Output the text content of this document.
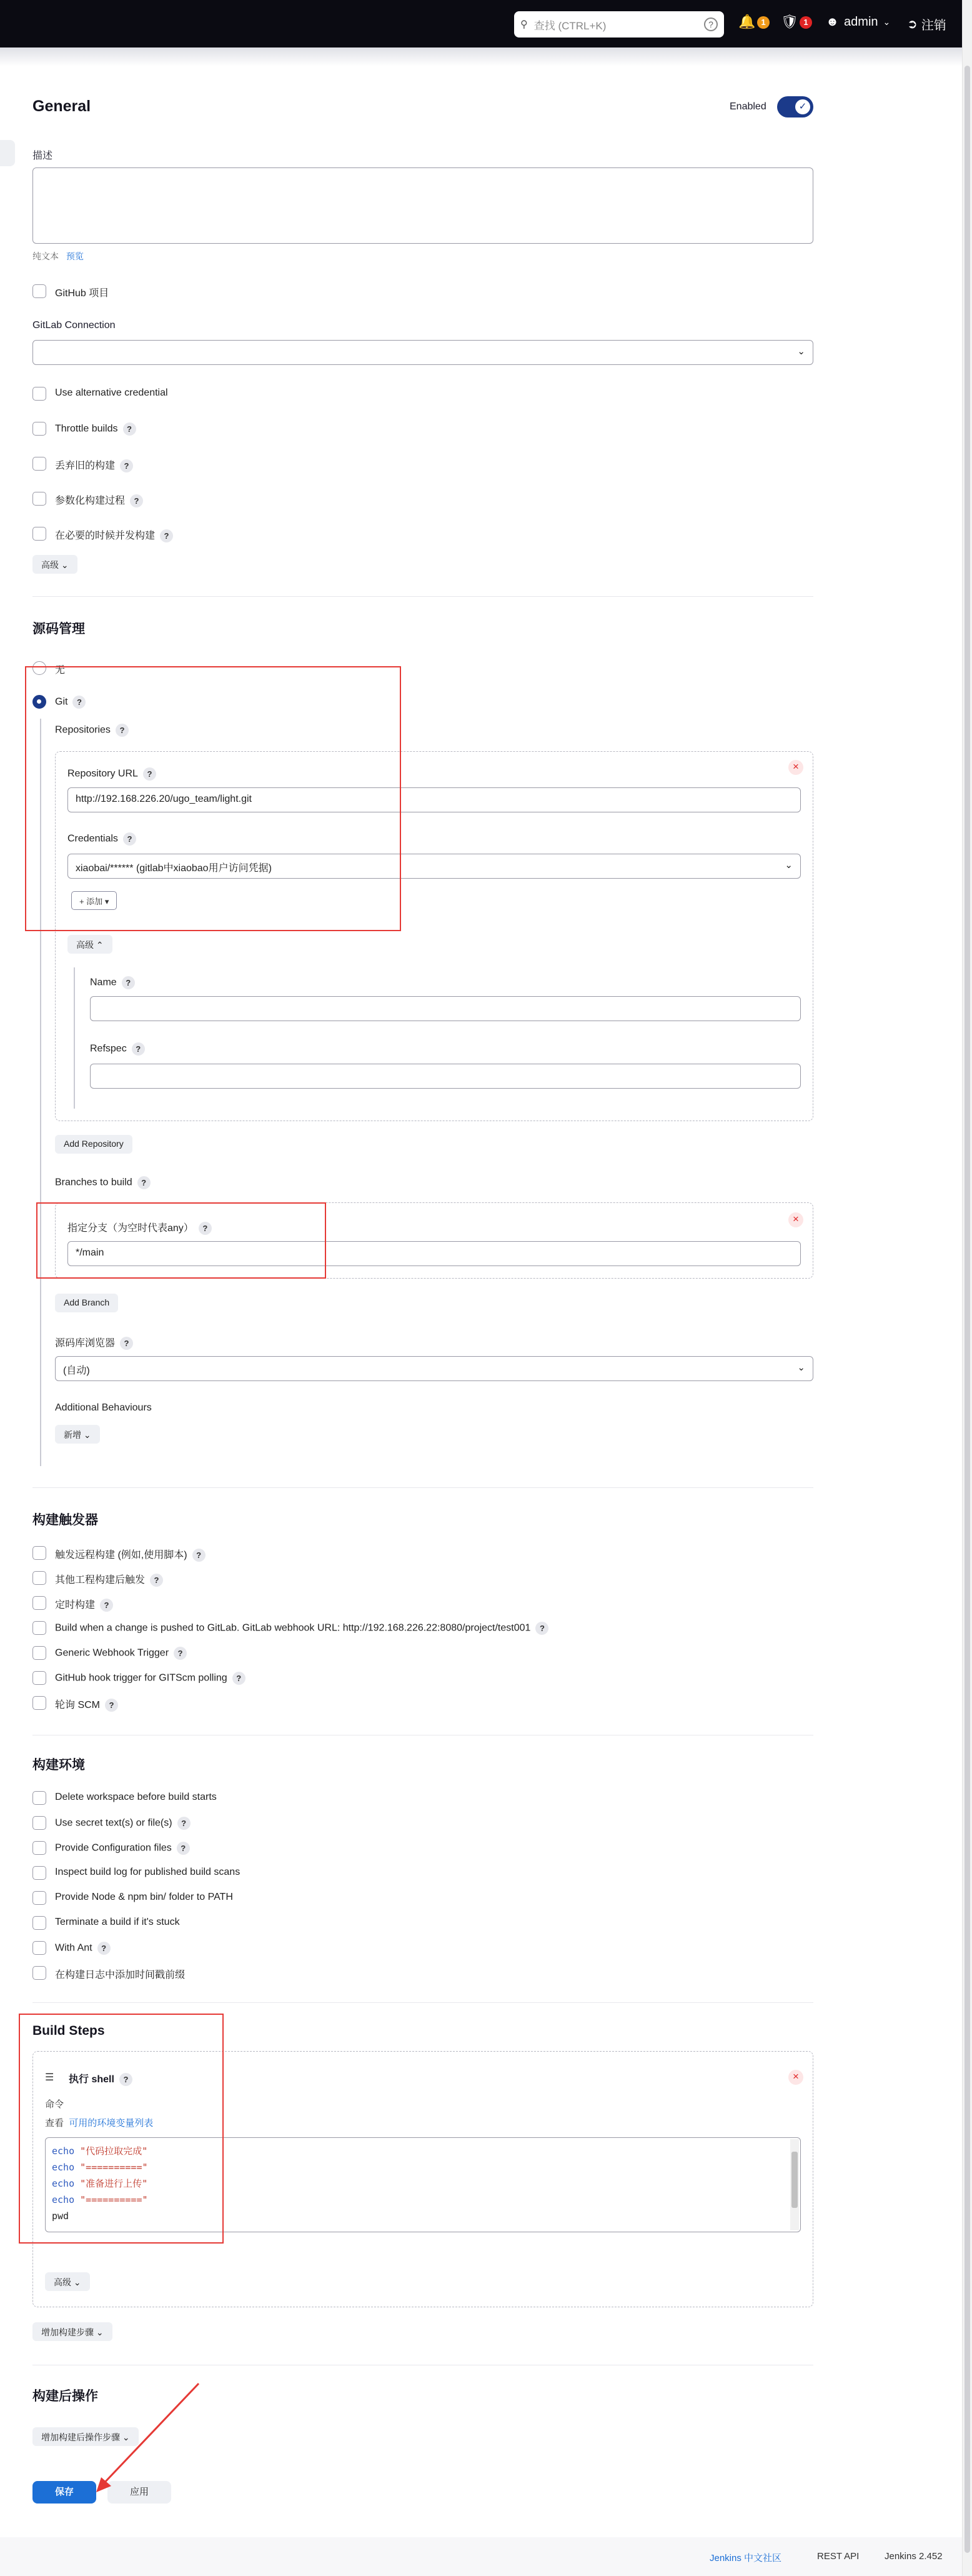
⚲ 查找 (CTRL+K)	?	🔔 1 🛡 1	☻ admin ⌄ ➲ 注销
General	Enabled	✓
描述
纯文本 预览
GitHub 项目
GitLab Connection
⌄
Use alternative credential
Throttle builds ?
丢弃旧的构建 ?
参数化构建过程 ?
在必要的时候并发构建 ?
高级 ⌄
源码管理
无
Git ?
Repositories ?
×
Repository URL ?
http://192.168.226.20/ugo_team/light.git
Credentials ?
xiaobai/****** (gitlab中xiaobao用户访问凭据)	⌄
+ 添加 ▾
高级 ⌃
Name ?
Refspec ?
Add Repository
Branches to build ?
×
指定分支（为空时代表any） ?
*/main
Add Branch
源码库浏览器 ?
(自动)	⌄
Additional Behaviours
新增 ⌄
构建触发器
触发远程构建 (例如,使用脚本) ?
其他工程构建后触发 ?
定时构建 ?
Build when a change is pushed to GitLab. GitLab webhook URL: http://192.168.226.22:8080/project/test001 ?
Generic Webhook Trigger ?
GitHub hook trigger for GITScm polling ?
轮询 SCM ?
构建环境
Delete workspace before build starts
Use secret text(s) or file(s) ?
Provide Configuration files ?
Inspect build log for published build scans
Provide Node & npm bin/ folder to PATH
Terminate a build if it's stuck
With Ant ?
在构建日志中添加时间戳前缀
Build Steps
☰ 执行 shell ?	×
命令
查看 可用的环境变量列表
echo "代码拉取完成"
echo "=========="
echo "准备进行上传"
echo "=========="
pwd
高级 ⌄
增加构建步骤 ⌄
构建后操作
增加构建后操作步骤 ⌄
保存	应用
Jenkins 中文社区	REST API	Jenkins 2.452
